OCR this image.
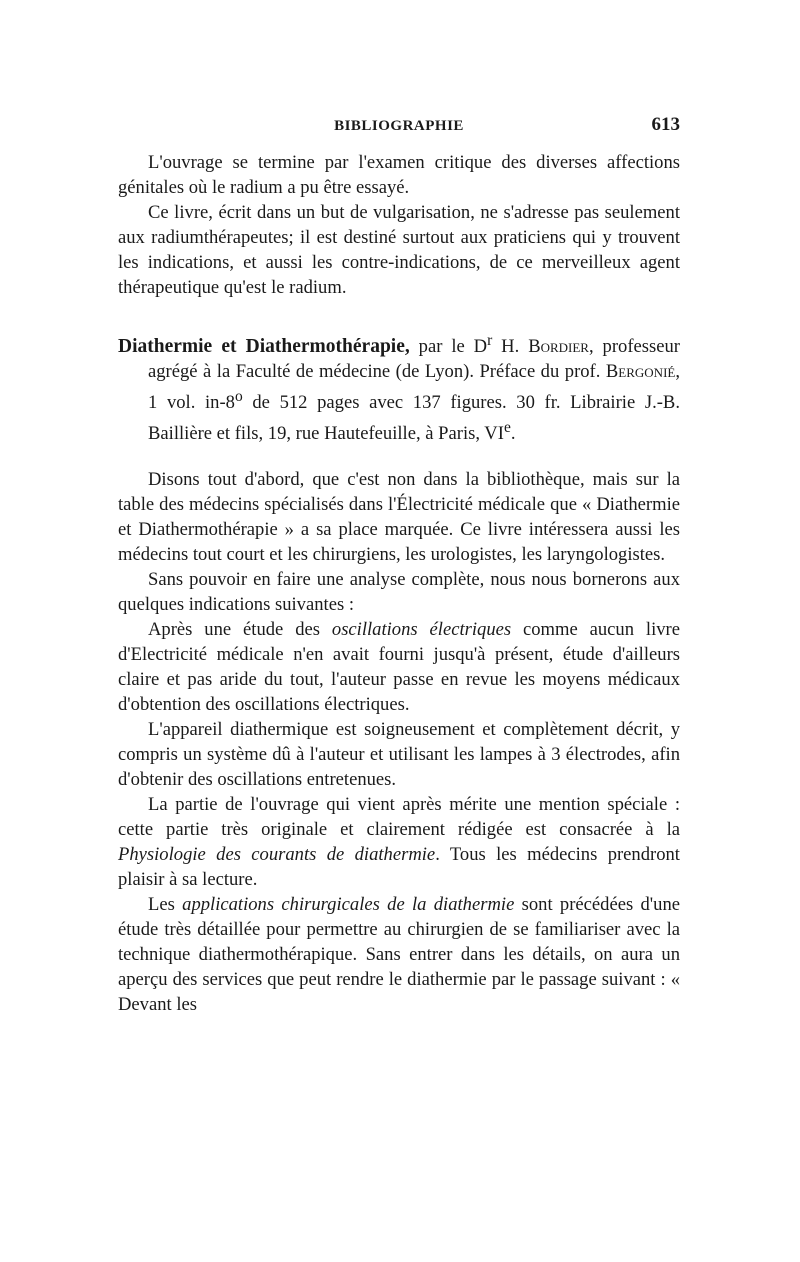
BIBLIOGRAPHIE	613

L'ouvrage se termine par l'examen critique des diverses affections génitales où le radium a pu être essayé.

Ce livre, écrit dans un but de vulgarisation, ne s'adresse pas seulement aux radiumthérapeutes; il est destiné surtout aux praticiens qui y trouvent les indications, et aussi les contre-indications, de ce merveilleux agent thérapeutique qu'est le radium.

Diathermie et Diathermothérapie, par le $D^r$ H. Bordier, professeur agrégé à la Faculté de médecine (de Lyon). Préface du prof. Bergonié, 1 vol. in-8$^o$ de 512 pages avec 137 figures. 30 fr. Librairie J.-B. Baillière et fils, 19, rue Hautefeuille, à Paris, VIe.

Disons tout d'abord, que c'est non dans la bibliothèque, mais sur la table des médecins spécialisés dans l'Électricité médicale que « Diathermie et Diathermothérapie » a sa place marquée. Ce livre intéressera aussi les médecins tout court et les chirurgiens, les urologistes, les laryngologistes.

Sans pouvoir en faire une analyse complète, nous nous bornerons aux quelques indications suivantes :

Après une étude des oscillations électriques comme aucun livre d'Electricité médicale n'en avait fourni jusqu'à présent, étude d'ailleurs claire et pas aride du tout, l'auteur passe en revue les moyens médicaux d'obtention des oscillations électriques.

L'appareil diathermique est soigneusement et complètement décrit, y compris un système dû à l'auteur et utilisant les lampes à 3 électrodes, afin d'obtenir des oscillations entretenues.

La partie de l'ouvrage qui vient après mérite une mention spéciale : cette partie très originale et clairement rédigée est consacrée à la Physiologie des courants de diathermie. Tous les médecins prendront plaisir à sa lecture.

Les applications chirurgicales de la diathermie sont précédées d'une étude très détaillée pour permettre au chirurgien de se familiariser avec la technique diathermothérapique. Sans entrer dans les détails, on aura un aperçu des services que peut rendre le diathermie par le passage suivant : « Devant les
